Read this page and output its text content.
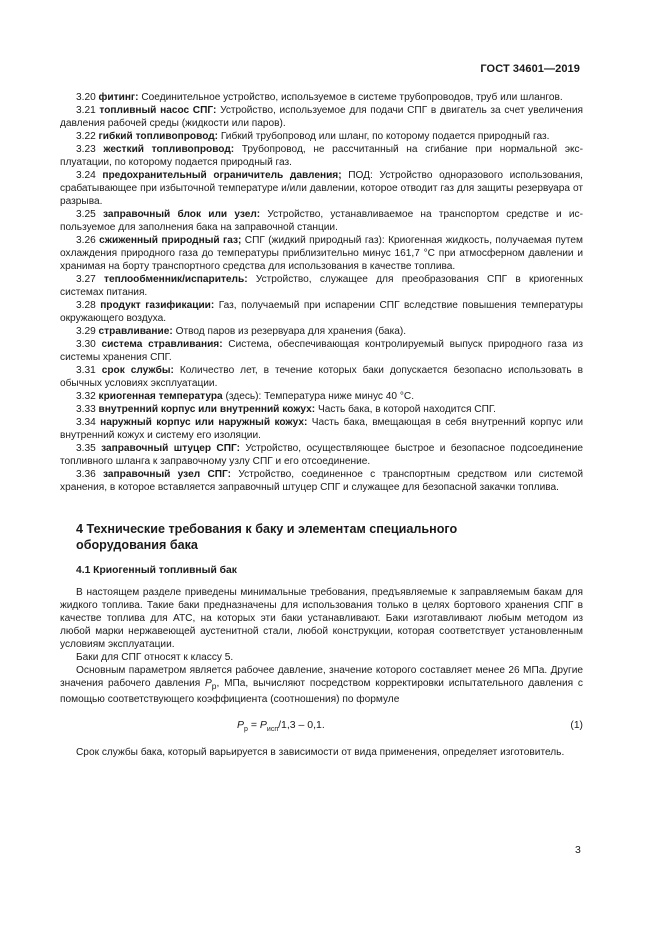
ГОСТ 34601—2019

3.20 фитинг: Соединительное устройство, используемое в системе трубопроводов, труб или шлангов.

3.21 топливный насос СПГ: Устройство, используемое для подачи СПГ в двигатель за счет увеличения давления рабочей среды (жидкости или паров).

3.22 гибкий топливопровод: Гибкий трубопровод или шланг, по которому подается природный газ.

3.23 жесткий топливопровод: Трубопровод, не рассчитанный на сгибание при нормальной эксплуатации, по которому подается природный газ.

3.24 предохранительный ограничитель давления; ПОД: Устройство одноразового использования, срабатывающее при избыточной температуре и/или давлении, которое отводит газ для защиты резервуара от разрыва.

3.25 заправочный блок или узел: Устройство, устанавливаемое на транспортом средстве и используемое для заполнения бака на заправочной станции.

3.26 сжиженный природный газ; СПГ (жидкий природный газ): Криогенная жидкость, получаемая путем охлаждения природного газа до температуры приблизительно минус 161,7 °С при атмосферном давлении и хранимая на борту транспортного средства для использования в качестве топлива.

3.27 теплообменник/испаритель: Устройство, служащее для преобразования СПГ в криогенных системах питания.

3.28 продукт газификации: Газ, получаемый при испарении СПГ вследствие повышения температуры окружающего воздуха.

3.29 стравливание: Отвод паров из резервуара для хранения (бака).

3.30 система стравливания: Система, обеспечивающая контролируемый выпуск природного газа из системы хранения СПГ.

3.31 срок службы: Количество лет, в течение которых баки допускается безопасно использовать в обычных условиях эксплуатации.

3.32 криогенная температура (здесь): Температура ниже минус 40 °С.

3.33 внутренний корпус или внутренний кожух: Часть бака, в которой находится СПГ.

3.34 наружный корпус или наружный кожух: Часть бака, вмещающая в себя внутренний корпус или внутренний кожух и систему его изоляции.

3.35 заправочный штуцер СПГ: Устройство, осуществляющее быстрое и безопасное подсоединение топливного шланга к заправочному узлу СПГ и его отсоединение.

3.36 заправочный узел СПГ: Устройство, соединенное с транспортным средством или системой хранения, в которое вставляется заправочный штуцер СПГ и служащее для безопасной закачки топлива.

4 Технические требования к баку и элементам специального
оборудования бака
4.1 Криогенный топливный бак

В настоящем разделе приведены минимальные требования, предъявляемые к заправляемым бакам для жидкого топлива. Такие баки предназначены для использования только в целях бортового хранения СПГ в качестве топлива для АТС, на которых эти баки устанавливают. Баки изготавливают любым методом из любой марки нержавеющей аустенитной стали, любой конструкции, которая соответствует установленным условиям эксплуатации.

Баки для СПГ относят к классу 5.

Основным параметром является рабочее давление, значение которого составляет менее 26 МПа. Другие значения рабочего давления $Р_р$, МПа, вычисляют посредством корректировки испытательного давления с помощью соответствующего коэффициента (соотношения) по формуле

$Р_р = Р_{исп}/1,3 - 0,1$.	(1)

Срок службы бака, который варьируется в зависимости от вида применения, определяет изготовитель.

3
